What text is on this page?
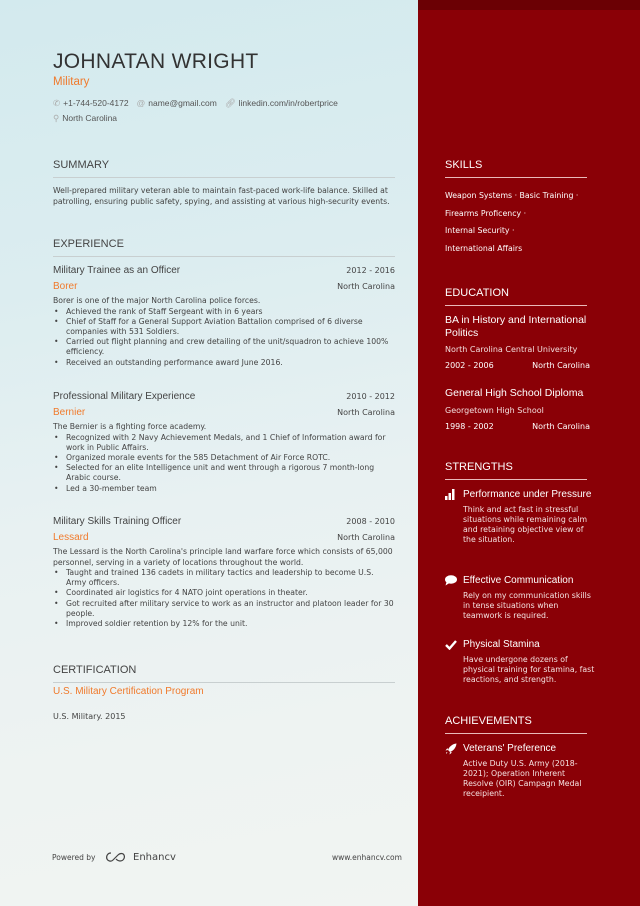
JOHNATAN WRIGHT
Military
✆ +1-744-520-4172 @ name@gmail.com 🔗︎ linkedin.com/in/robertprice
⚲ North Carolina
SUMMARY
Well-prepared military veteran able to maintain fast-paced work-life balance. Skilled at patrolling, ensuring public safety, spying, and assisting at various high-security events.
EXPERIENCE
Military Trainee as an Officer	2012 - 2016
Borer	North Carolina
Borer is one of the major North Carolina police forces.
• Achieved the rank of Staff Sergeant with in 6 years
• Chief of Staff for a General Support Aviation Battalion comprised of 6 diverse companies with 531 Soldiers.
• Carried out flight planning and crew detailing of the unit/squadron to achieve 100% efficiency.
• Received an outstanding performance award June 2016.
Professional Military Experience	2010 - 2012
Bernier	North Carolina
The Bernier is a fighting force academy.
• Recognized with 2 Navy Achievement Medals, and 1 Chief of Information award for work in Public Affairs.
• Organized morale events for the 585 Detachment of Air Force ROTC.
• Selected for an elite Intelligence unit and went through a rigorous 7 month-long Arabic course.
• Led a 30-member team
Military Skills Training Officer	2008 - 2010
Lessard	North Carolina
The Lessard is the North Carolina's principle land warfare force which consists of 65,000 personnel, serving in a variety of locations throughout the world.
• Taught and trained 136 cadets in military tactics and leadership to become U.S. Army officers.
• Coordinated air logistics for 4 NATO joint operations in theater.
• Got recruited after military service to work as an instructor and platoon leader for 30 people.
• Improved soldier retention by 12% for the unit.
CERTIFICATION
U.S. Military Certification Program
U.S. Military. 2015
Powered by	Enhancv	www.enhancv.com
SKILLS
Weapon Systems · Basic Training ·
Firearms Proficency ·
Internal Security ·
International Affairs
EDUCATION
BA in History and International Politics
North Carolina Central University
2002 - 2006	North Carolina
General High School Diploma
Georgetown High School
1998 - 2002	North Carolina
STRENGTHS
Performance under Pressure
Think and act fast in stressful situations while remaining calm and retaining objective view of the situation.
Effective Communication
Rely on my communication skills in tense situations when teamwork is required.
Physical Stamina
Have undergone dozens of physical training for stamina, fast reactions, and strength.
ACHIEVEMENTS
Veterans' Preference
Active Duty U.S. Army (2018-2021); Operation Inherent Resolve (OIR) Campagn Medal receipient.
